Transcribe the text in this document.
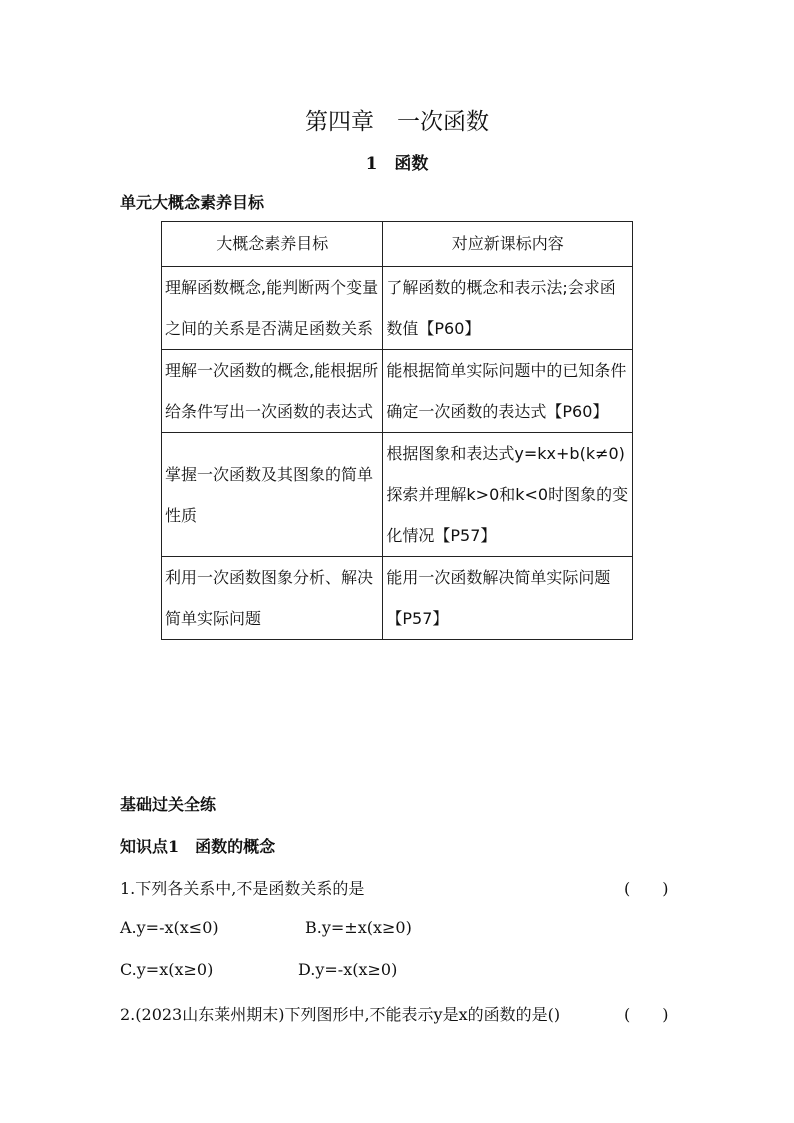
第四章　一次函数
1　函数
单元大概念素养目标
大概念素养目标	对应新课标内容
理解函数概念,能判断两个变量之间的关系是否满足函数关系	了解函数的概念和表示法;会求函数值【P60】
理解一次函数的概念,能根据所给条件写出一次函数的表达式	能根据简单实际问题中的已知条件确定一次函数的表达式【P60】
掌握一次函数及其图象的简单性质	根据图象和表达式y=kx+b(k≠0)探索并理解k>0和k<0时图象的变化情况【P57】
利用一次函数图象分析、解决简单实际问题	能用一次函数解决简单实际问题【P57】
基础过关全练
知识点1　函数的概念
1.下列各关系中,不是函数关系的是	(　　)
A.y=-x(x≤0)	B.y=±x(x≥0)
C.y=x(x≥0)	D.y=-x(x≥0)
2.(2023山东莱州期末)下列图形中,不能表示y是x的函数的是()	(　　)
